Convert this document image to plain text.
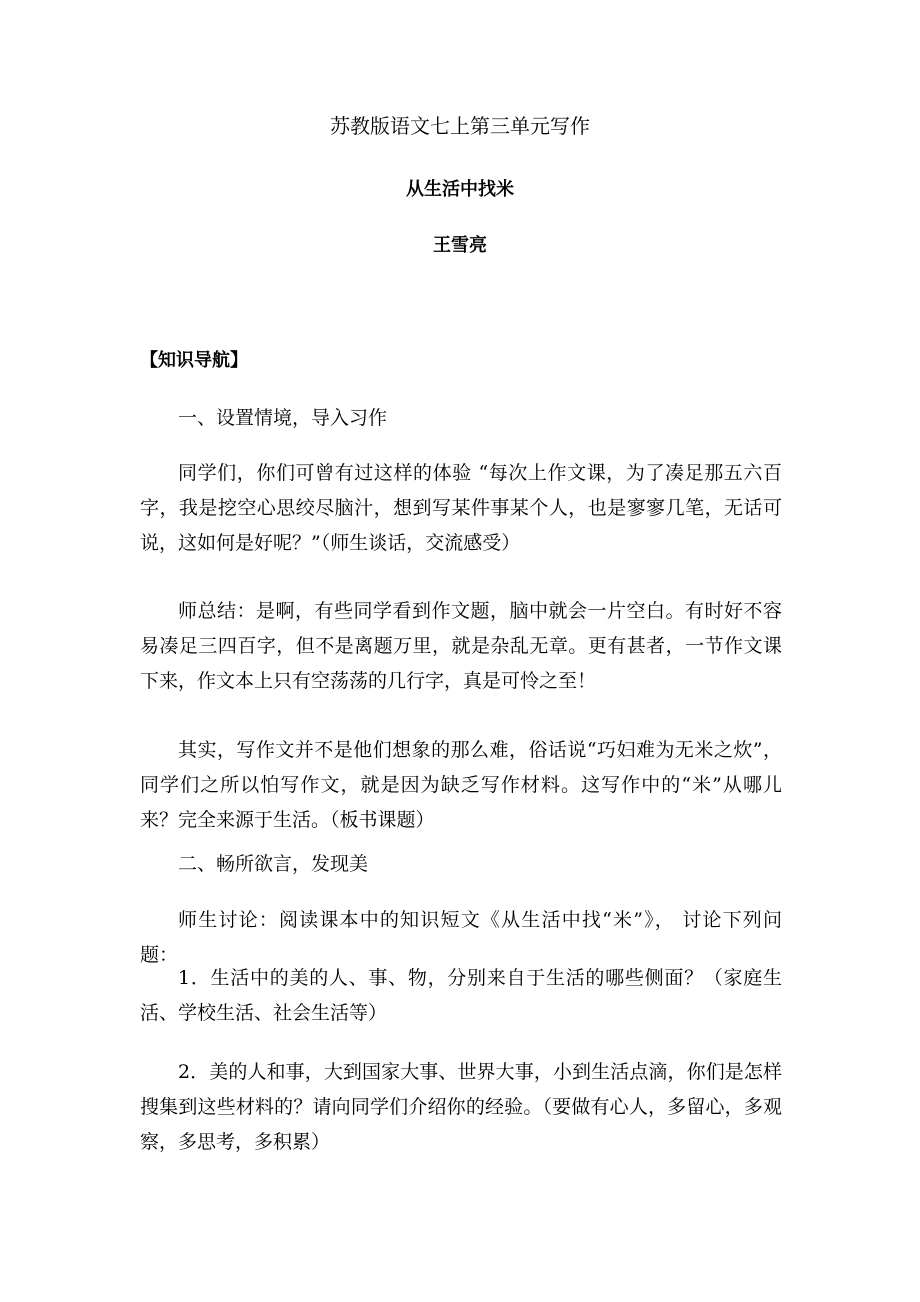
苏教版语文七上第三单元写作
从生活中找米
王雪亮
【知识导航】

一、设置情境，导入习作

同学们，你们可曾有过这样的体验 “每次上作文课，为了凑足那五六百字，我是挖空心思绞尽脑汁，想到写某件事某个人，也是寥寥几笔，无话可说，这如何是好呢？”（师生谈话，交流感受）

师总结：是啊，有些同学看到作文题，脑中就会一片空白。有时好不容易凑足三四百字，但不是离题万里，就是杂乱无章。更有甚者，一节作文课下来，作文本上只有空荡荡的几行字，真是可怜之至！

其实，写作文并不是他们想象的那么难，俗话说“巧妇难为无米之炊”，同学们之所以怕写作文，就是因为缺乏写作材料。这写作中的“米”从哪儿来？完全来源于生活。（板书课题）

二、畅所欲言，发现美

师生讨论：阅读课本中的知识短文《从生活中找“米”》， 讨论下列问题：

1．生活中的美的人、事、物，分别来自于生活的哪些侧面？（家庭生活、学校生活、社会生活等）

2．美的人和事，大到国家大事、世界大事，小到生活点滴，你们是怎样搜集到这些材料的？请向同学们介绍你的经验。（要做有心人，多留心，多观察，多思考，多积累）
